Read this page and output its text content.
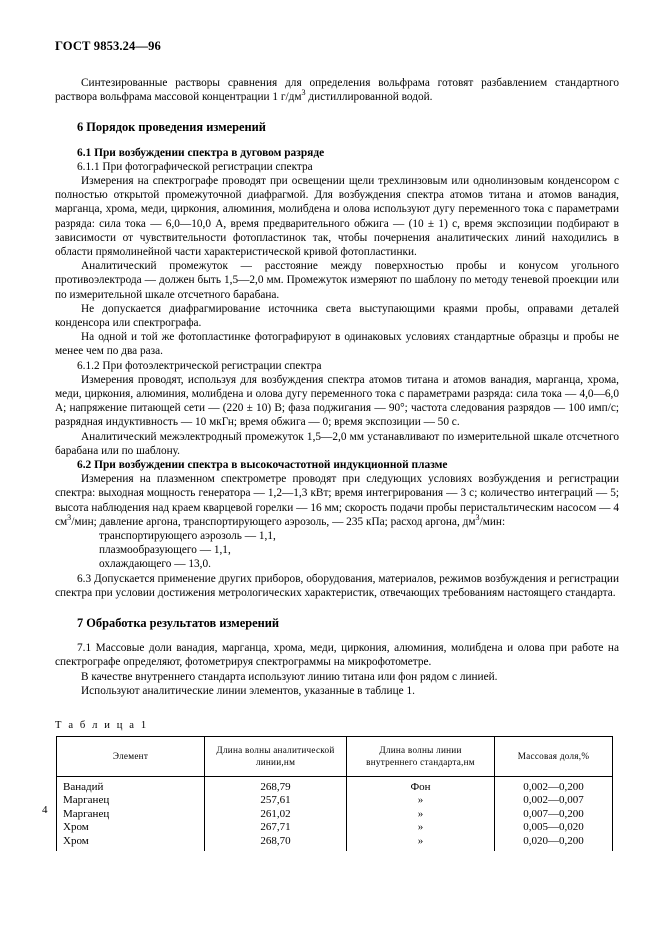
ГОСТ 9853.24—96

Синтезированные растворы сравнения для определения вольфрама готовят разбавлением стандартного раствора вольфрама массовой концентрации 1 $г/дм^3$ дистиллированной водой.

6 Порядок проведения измерений
6.1 При возбуждении спектра в дуговом разряде

6.1.1 При фотографической регистрации спектра

Измерения на спектрографе проводят при освещении щели трехлинзовым или однолинзовым конденсором с полностью открытой промежуточной диафрагмой. Для возбуждения спектра атомов титана и атомов ванадия, марганца, хрома, меди, циркония, алюминия, молибдена и олова используют дугу переменного тока с параметрами разряда: сила тока — 6,0—10,0 А, время предварительного обжига — (10 ± 1) с, время экспозиции подбирают в зависимости от чувствительности фотопластинок так, чтобы почернения аналитических линий находились в области прямолинейной части характеристической кривой фотопластинки.

Аналитический промежуток — расстояние между поверхностью пробы и конусом угольного противоэлектрода — должен быть 1,5—2,0 мм. Промежуток измеряют по шаблону по методу теневой проекции или по измерительной шкале отсчетного барабана.

Не допускается диафрагмирование источника света выступающими краями пробы, оправами деталей конденсора или спектрографа.

На одной и той же фотопластинке фотографируют в одинаковых условиях стандартные образцы и пробы не менее чем по два раза.

6.1.2 При фотоэлектрической регистрации спектра

Измерения проводят, используя для возбуждения спектра атомов титана и атомов ванадия, марганца, хрома, меди, циркония, алюминия, молибдена и олова дугу переменного тока с параметрами разряда: сила тока — 4,0—6,0 А; напряжение питающей сети — (220 ± 10) В; фаза поджигания — 90°; частота следования разрядов — 100 имп/с; разрядная индуктивность — 10 мкГн; время обжига — 0; время экспозиции — 50 с.

Аналитический межэлектродный промежуток 1,5—2,0 мм устанавливают по измерительной шкале отсчетного барабана или по шаблону.

6.2 При возбуждении спектра в высокочастотной индукционной плазме

Измерения на плазменном спектрометре проводят при следующих условиях возбуждения и регистрации спектра: выходная мощность генератора — 1,2—1,3 кВт; время интегрирования — 3 с; количество интеграций — 5; высота наблюдения над краем кварцевой горелки — 16 мм; скорость подачи пробы перистальтическим насосом — 4 $см^3$/мин; давление аргона, транспортирующего аэрозоль, — 235 кПа; расход аргона, $дм^3$/мин:

транспортирующего аэрозоль — 1,1,

плазмообразующего — 1,1,

охлаждающего — 13,0.

6.3 Допускается применение других приборов, оборудования, материалов, режимов возбуждения и регистрации спектра при условии достижения метрологических характеристик, отвечающих требованиям настоящего стандарта.

7 Обработка результатов измерений

7.1 Массовые доли ванадия, марганца, хрома, меди, циркония, алюминия, молибдена и олова при работе на спектрографе определяют, фотометрируя спектрограммы на микрофотометре.

В качестве внутреннего стандарта используют линию титана или фон рядом с линией.

Используют аналитические линии элементов, указанные в таблице 1.

Т а б л и ц а 1
Элемент	Длина волны аналитической линии,нм	Длина волны линии внутреннего стандарта,нм	Массовая доля,%
Ванадий	268,79	Фон	0,002—0,200
Марганец	257,61	»	0,002—0,007
Марганец	261,02	»	0,007—0,200
Хром	267,71	»	0,005—0,020
Хром	268,70	»	0,020—0,200
4
